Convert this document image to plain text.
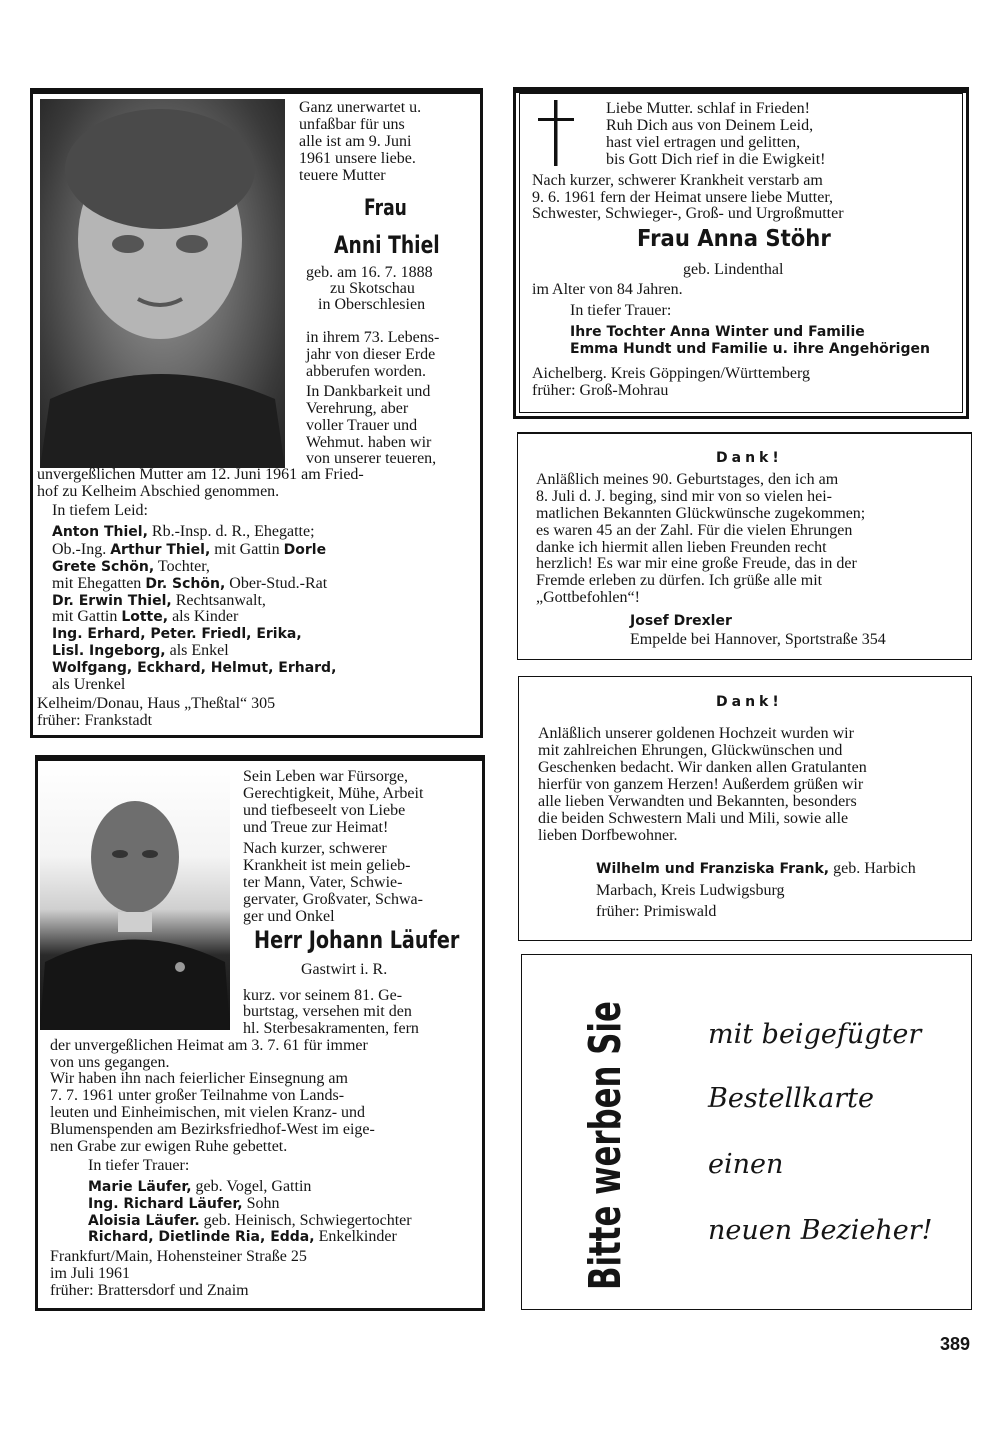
Ganz unerwartet u.
unfaßbar für uns
alle ist am 9. Juni
1961 unsere liebe.
teuere Mutter
Frau
Anni Thiel
geb. am 16. 7. 1888
zu Skotschau
in Oberschlesien
in ihrem 73. Lebens-
jahr von dieser Erde
abberufen worden.
In Dankbarkeit und
Verehrung, aber
voller Trauer und
Wehmut. haben wir
von unserer teueren,
unvergeßlichen Mutter am 12. Juni 1961 am Fried-
hof zu Kelheim Abschied genommen.
In tiefem Leid:
Anton Thiel, Rb.-Insp. d. R., Ehegatte;
Ob.-Ing. Arthur Thiel, mit Gattin Dorle
Grete Schön, Tochter,
mit Ehegatten Dr. Schön, Ober-Stud.-Rat
Dr. Erwin Thiel, Rechtsanwalt,
mit Gattin Lotte, als Kinder
Ing. Erhard, Peter. Friedl, Erika,
Lisl. Ingeborg, als Enkel
Wolfgang, Eckhard, Helmut, Erhard,
als Urenkel
Kelheim/Donau, Haus „Theßtal“ 305
früher: Frankstadt
Liebe Mutter. schlaf in Frieden!
Ruh Dich aus von Deinem Leid,
hast viel ertragen und gelitten,
bis Gott Dich rief in die Ewigkeit!
Nach kurzer, schwerer Krankheit verstarb am
9. 6. 1961 fern der Heimat unsere liebe Mutter,
Schwester, Schwieger-, Groß- und Urgroßmutter
Frau Anna Stöhr
geb. Lindenthal
im Alter von 84 Jahren.
In tiefer Trauer:
Ihre Tochter Anna Winter und Familie
Emma Hundt und Familie u. ihre Angehörigen
Aichelberg. Kreis Göppingen/Württemberg
früher: Groß-Mohrau
Dank!
Anläßlich meines 90. Geburtstages, den ich am
8. Juli d. J. beging, sind mir von so vielen hei-
matlichen Bekannten Glückwünsche zugekommen;
es waren 45 an der Zahl. Für die vielen Ehrungen
danke ich hiermit allen lieben Freunden recht
herzlich! Es war mir eine große Freude, das in der
Fremde erleben zu dürfen. Ich grüße alle mit
„Gottbefohlen“!
Josef Drexler
Empelde bei Hannover, Sportstraße 354
Dank!
Anläßlich unserer goldenen Hochzeit wurden wir
mit zahlreichen Ehrungen, Glückwünschen und
Geschenken bedacht. Wir danken allen Gratulanten
hierfür von ganzem Herzen! Außerdem grüßen wir
alle lieben Verwandten und Bekannten, besonders
die beiden Schwestern Mali und Mili, sowie alle
lieben Dorfbewohner.
Wilhelm und Franziska Frank, geb. Harbich
Marbach, Kreis Ludwigsburg
früher: Primiswald
Sein Leben war Fürsorge,
Gerechtigkeit, Mühe, Arbeit
und tiefbeseelt von Liebe
und Treue zur Heimat!
Nach kurzer, schwerer
Krankheit ist mein gelieb-
ter Mann, Vater, Schwie-
gervater, Großvater, Schwa-
ger und Onkel
Herr Johann Läufer
Gastwirt i. R.
kurz. vor seinem 81. Ge-
burtstag, versehen mit den
hl. Sterbesakramenten, fern
der unvergeßlichen Heimat am 3. 7. 61 für immer
von uns gegangen.
Wir haben ihn nach feierlicher Einsegnung am
7. 7. 1961 unter großer Teilnahme von Lands-
leuten und Einheimischen, mit vielen Kranz- und
Blumenspenden am Bezirksfriedhof-West im eige-
nen Grabe zur ewigen Ruhe gebettet.
In tiefer Trauer:
Marie Läufer, geb. Vogel, Gattin
Ing. Richard Läufer, Sohn
Aloisia Läufer. geb. Heinisch, Schwiegertochter
Richard, Dietlinde Ria, Edda, Enkelkinder
Frankfurt/Main, Hohensteiner Straße 25
im Juli 1961
früher: Brattersdorf und Znaim
Bitte werben Sie	mit beigefügter
Bestellkarte
einen
neuen Bezieher!
389
